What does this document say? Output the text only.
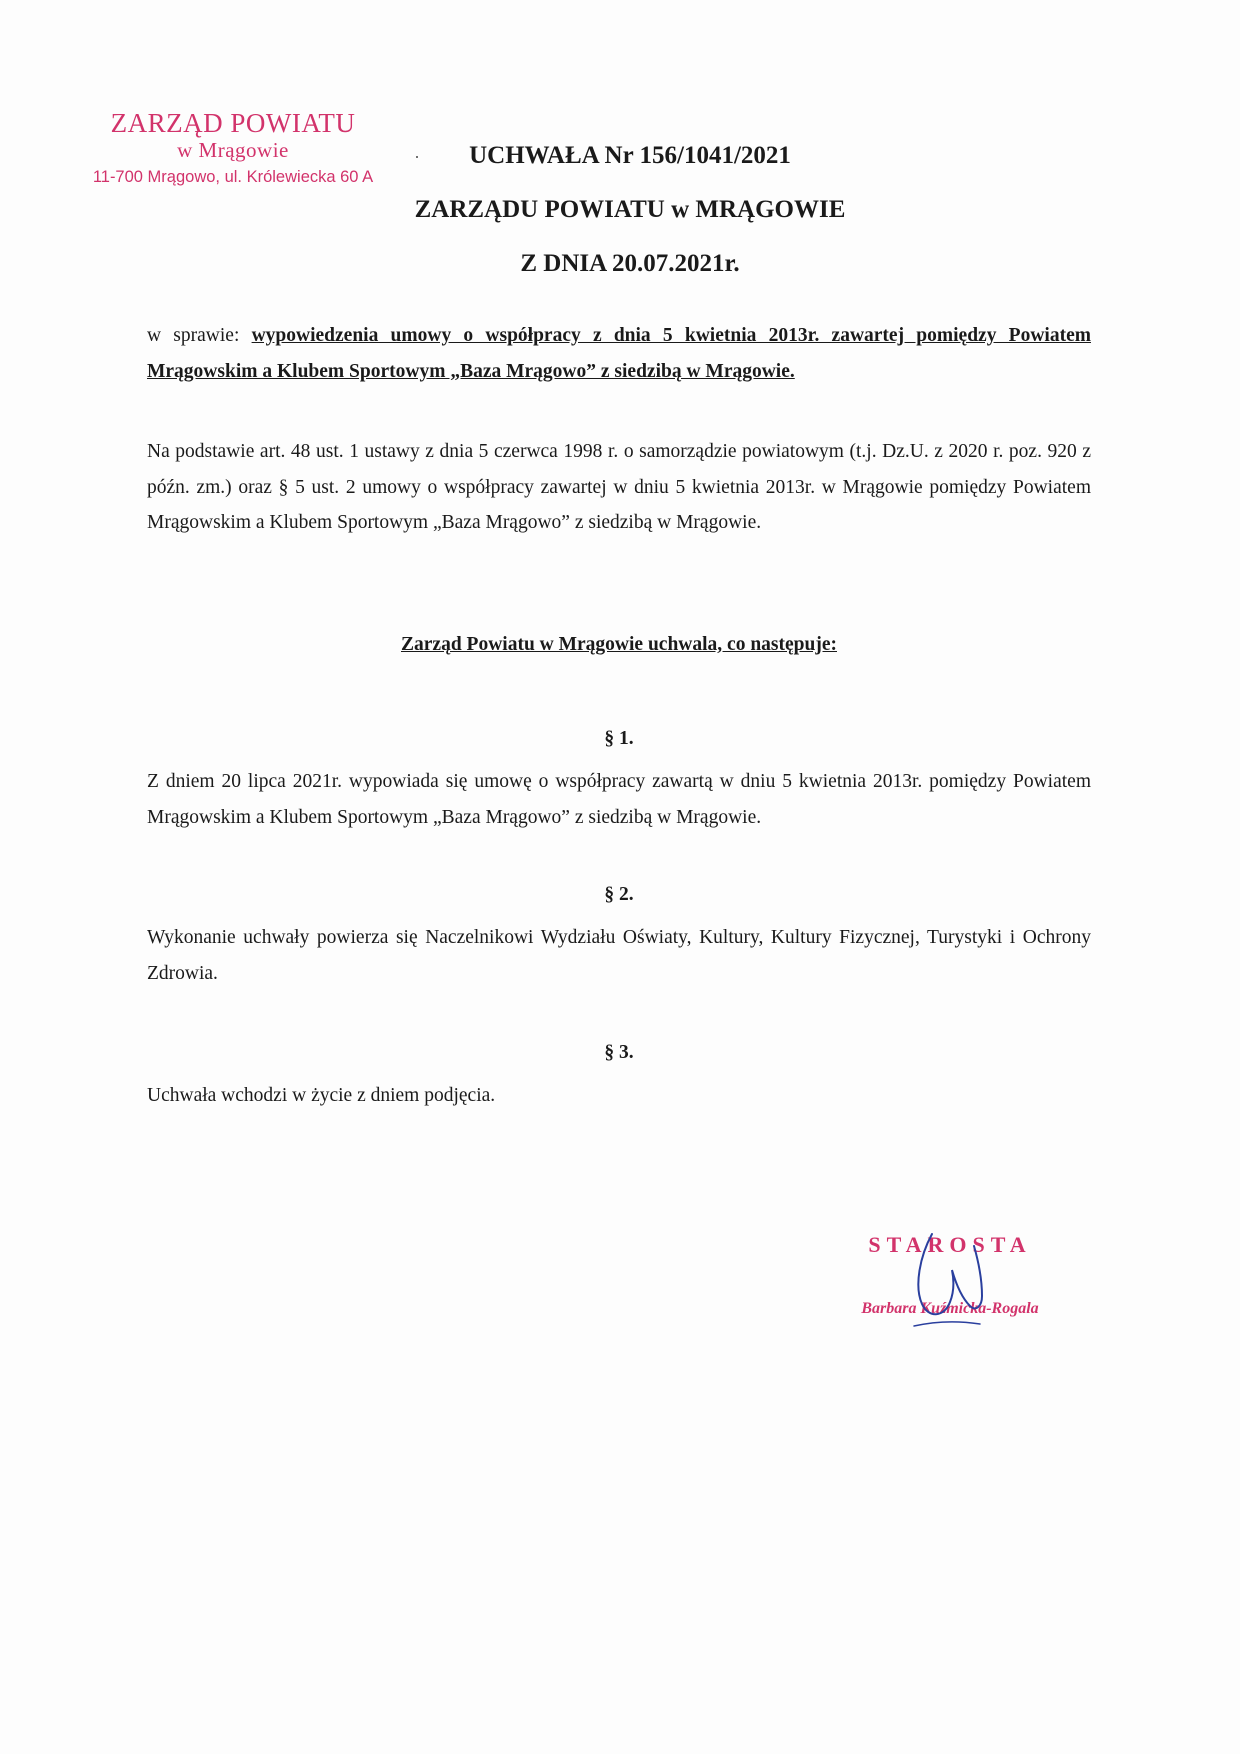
ZARZĄD POWIATU
w Mrągowie
11-700 Mrągowo, ul. Królewiecka 60 A
UCHWAŁA Nr 156/1041/2021
ZARZĄDU POWIATU w MRĄGOWIE
Z DNIA 20.07.2021r.
w sprawie: wypowiedzenia umowy o współpracy z dnia 5 kwietnia 2013r. zawartej pomiędzy Powiatem Mrągowskim a Klubem Sportowym „Baza Mrągowo” z siedzibą w Mrągowie.
Na podstawie art. 48 ust. 1 ustawy z dnia 5 czerwca 1998 r. o samorządzie powiatowym (t.j. Dz.U. z 2020 r. poz. 920 z późn. zm.) oraz § 5 ust. 2 umowy o współpracy zawartej w dniu 5 kwietnia 2013r. w Mrągowie pomiędzy Powiatem Mrągowskim a Klubem Sportowym „Baza Mrągowo” z siedzibą w Mrągowie.
Zarząd Powiatu w Mrągowie uchwala, co następuje:
§ 1.
Z dniem 20 lipca 2021r. wypowiada się umowę o współpracy zawartą w dniu 5 kwietnia 2013r. pomiędzy Powiatem Mrągowskim a Klubem Sportowym „Baza Mrągowo” z siedzibą w Mrągowie.
§ 2.
Wykonanie uchwały powierza się Naczelnikowi Wydziału Oświaty, Kultury, Kultury Fizycznej, Turystyki i Ochrony Zdrowia.
§ 3.
Uchwała wchodzi w życie z dniem podjęcia.
STAROSTA
Barbara Kuźmicka-Rogala
